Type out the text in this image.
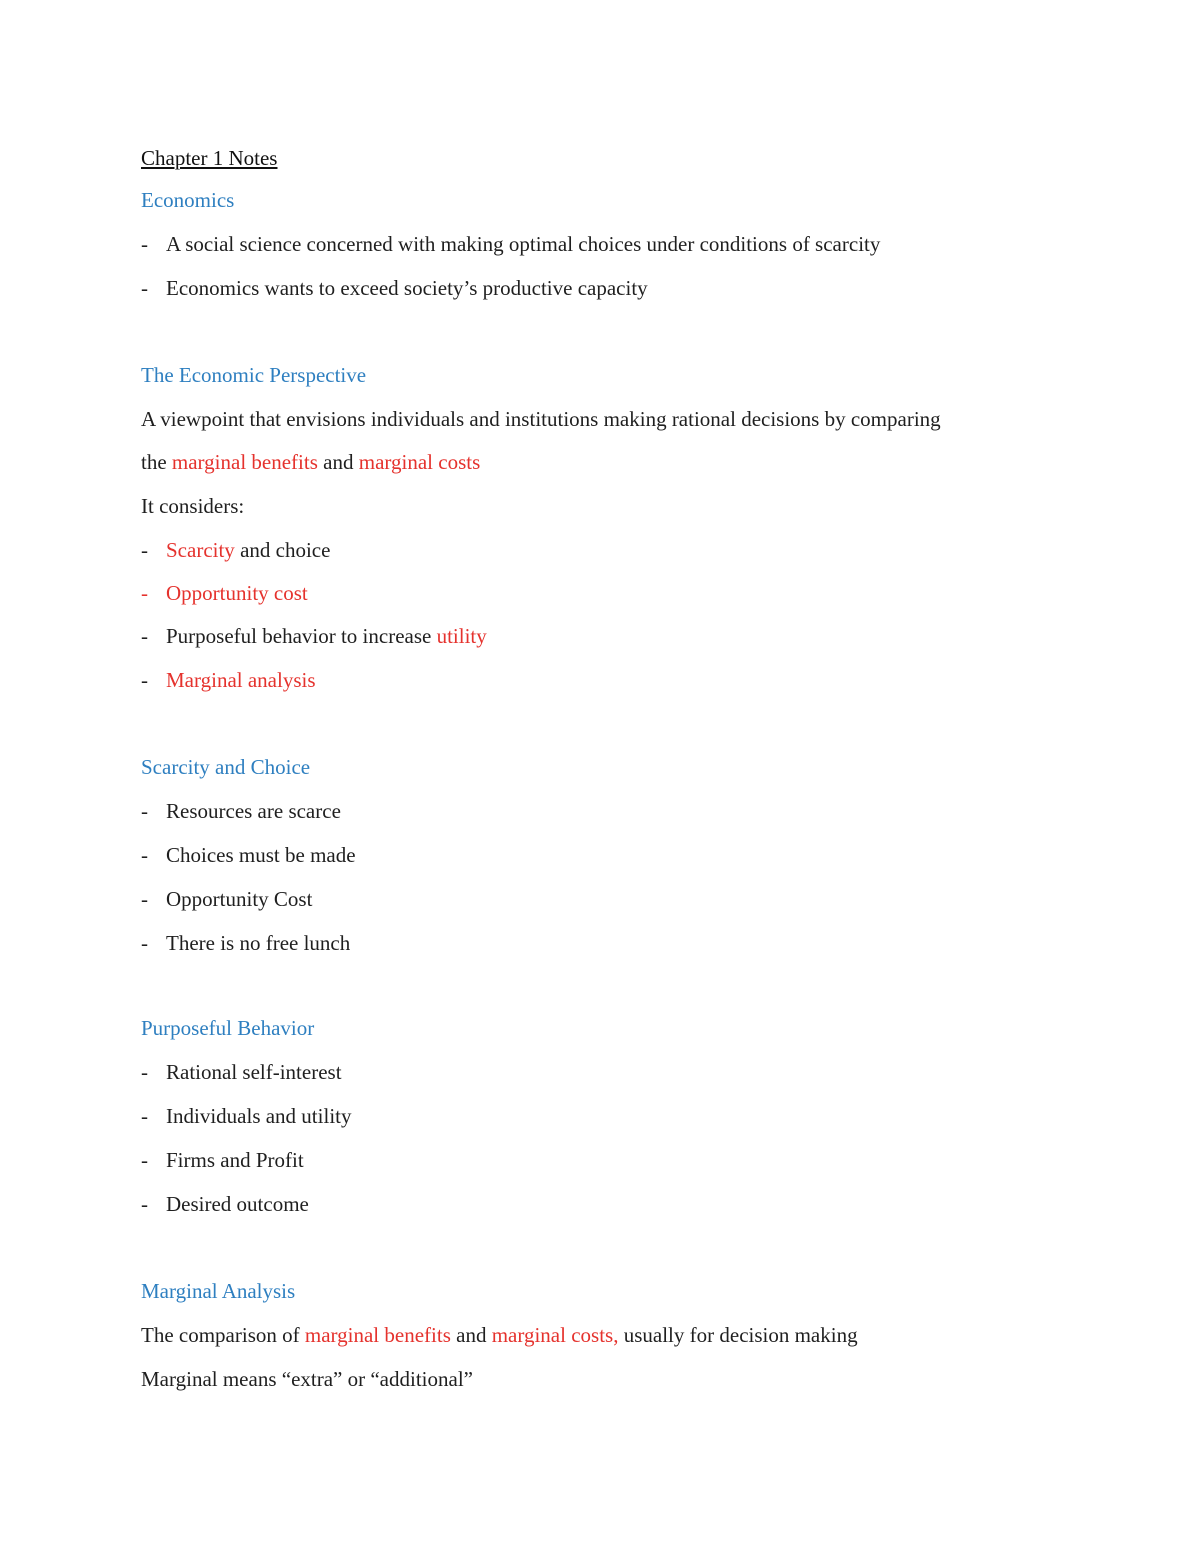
Chapter 1 Notes
Economics
- A social science concerned with making optimal choices under conditions of scarcity
- Economics wants to exceed society’s productive capacity
The Economic Perspective
A viewpoint that envisions individuals and institutions making rational decisions by comparing
the marginal benefits and marginal costs
It considers:
- Scarcity and choice
- Opportunity cost
- Purposeful behavior to increase utility
- Marginal analysis
Scarcity and Choice
- Resources are scarce
- Choices must be made
- Opportunity Cost
- There is no free lunch
Purposeful Behavior
- Rational self-interest
- Individuals and utility
- Firms and Profit
- Desired outcome
Marginal Analysis
The comparison of marginal benefits and marginal costs, usually for decision making
Marginal means “extra” or “additional”
